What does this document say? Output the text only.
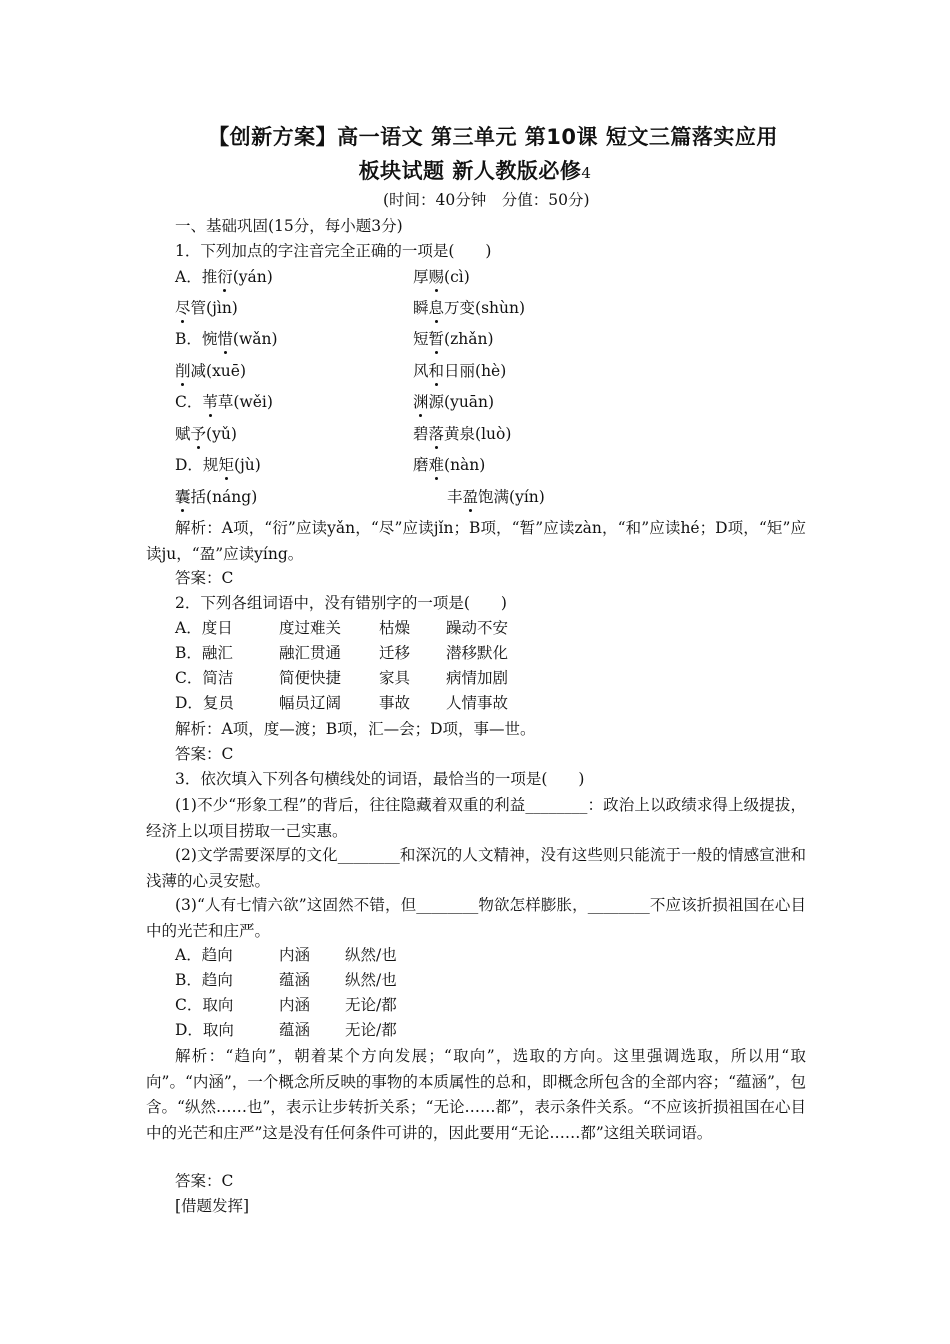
【创新方案】高一语文 第三单元 第10课 短文三篇落实应用
板块试题 新人教版必修4
(时间：40分钟　分值：50分)
一、基础巩固(15分，每小题3分)
1．下列加点的字注音完全正确的一项是(　　)
A．推衍(yán)	厚赐(cì)
尽管(jìn)	瞬息万变(shùn)
B．惋惜(wǎn)	短暂(zhǎn)
削减(xuē)	风和日丽(hè)
C．苇草(wěi)	渊源(yuān)
赋予(yǔ)	碧落黄泉(luò)
D．规矩(jù)	磨难(nàn)
囊括(náng)	丰盈饱满(yín)
解析：A项，“衍”应读yǎn，“尽”应读jǐn；B项，“暂”应读zàn，“和”应读hé；D项，“矩”应读ju，“盈”应读yíng。
答案：C
2．下列各组词语中，没有错别字的一项是(　　)
A．度日	度过难关 枯燥 躁动不安
B．融汇	融汇贯通 迁移 潜移默化
C．简洁	简便快捷 家具 病情加剧
D．复员	幅员辽阔 事故 人情事故
解析：A项，度—渡；B项，汇—会；D项，事—世。
答案：C
3．依次填入下列各句横线处的词语，最恰当的一项是(　　)
(1)不少“形象工程”的背后，往往隐藏着双重的利益________：政治上以政绩求得上级提拔，经济上以项目捞取一己实惠。
(2)文学需要深厚的文化________和深沉的人文精神，没有这些则只能流于一般的情感宣泄和浅薄的心灵安慰。
(3)“人有七情六欲”这固然不错，但________物欲怎样膨胀，________不应该折损祖国在心目中的光芒和庄严。
A．趋向	内涵 纵然/也
B．趋向	蕴涵 纵然/也
C．取向	内涵 无论/都
D．取向	蕴涵 无论/都
解析：“趋向”，朝着某个方向发展；“取向”，选取的方向。这里强调选取，所以用“取向”。“内涵”，一个概念所反映的事物的本质属性的总和，即概念所包含的全部内容；“蕴涵”，包含。“纵然……也”，表示让步转折关系；“无论……都”，表示条件关系。“不应该折损祖国在心目中的光芒和庄严”这是没有任何条件可讲的，因此要用“无论……都”这组关联词语。
答案：C
[借题发挥]
